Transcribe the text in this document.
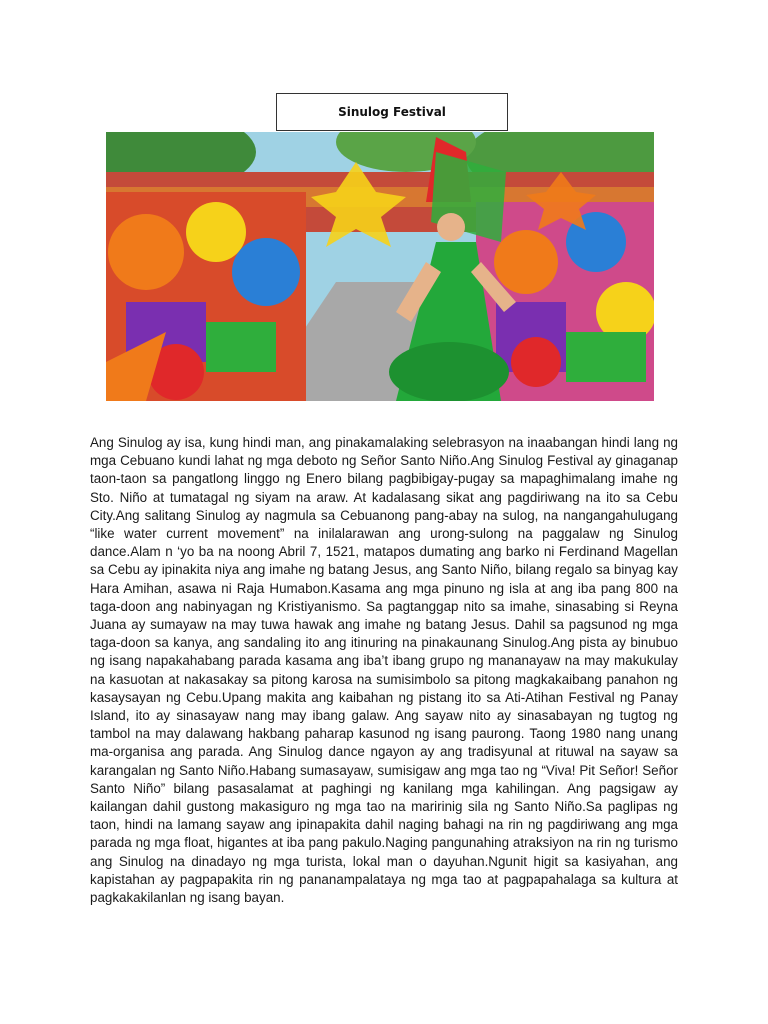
Sinulog Festival

Ang Sinulog ay isa, kung hindi man, ang pinakamalaking selebrasyon na inaabangan hindi lang ng mga Cebuano kundi lahat ng mga deboto ng Señor Santo Niño.Ang Sinulog Festival ay ginaganap taon-taon sa pangatlong linggo ng Enero bilang pagbibigay-pugay sa mapaghimalang imahe ng Sto. Niño at tumatagal ng siyam na araw. At kadalasang sikat ang pagdiriwang na ito sa Cebu City.Ang salitang Sinulog ay nagmula sa Cebuanong pang-abay na sulog, na nangangahulugang “like water current movement” na inilalarawan ang urong-sulong na paggalaw ng Sinulog dance.Alam n ‘yo ba na noong Abril 7, 1521, matapos dumating ang barko ni Ferdinand Magellan sa Cebu ay ipinakita niya ang imahe ng batang Jesus, ang Santo Niño, bilang regalo sa binyag kay Hara Amihan, asawa ni Raja Humabon.Kasama ang mga pinuno ng isla at ang iba pang 800 na taga-doon ang nabinyagan ng Kristiyanismo. Sa pagtanggap nito sa imahe, sinasabing si Reyna Juana ay sumayaw na may tuwa hawak ang imahe ng batang Jesus. Dahil sa pagsunod ng mga taga-doon sa kanya, ang sandaling ito ang itinuring na pinakaunang Sinulog.Ang pista ay binubuo ng isang napakahabang parada kasama ang iba’t ibang grupo ng mananayaw na may makukulay na kasuotan at nakasakay sa pitong karosa na sumisimbolo sa pitong magkakaibang panahon ng kasaysayan ng Cebu.Upang makita ang kaibahan ng pistang ito sa Ati-Atihan Festival ng Panay Island, ito ay sinasayaw nang may ibang galaw. Ang sayaw nito ay sinasabayan ng tugtog ng tambol na may dalawang hakbang paharap kasunod ng isang paurong. Taong 1980 nang unang ma-organisa ang parada. Ang Sinulog dance ngayon ay ang tradisyunal at rituwal na sayaw sa karangalan ng Santo Niño.Habang sumasayaw, sumisigaw ang mga tao ng “Viva! Pit Señor! Señor Santo Niño” bilang pasasalamat at paghingi ng kanilang mga kahilingan. Ang pagsigaw ay kailangan dahil gustong makasiguro ng mga tao na maririnig sila ng Santo Niño.Sa paglipas ng taon, hindi na lamang sayaw ang ipinapakita dahil naging bahagi na rin ng pagdiriwang ang mga parada ng mga float, higantes at iba pang pakulo.Naging pangunahing atraksiyon na rin ng turismo ang Sinulog na dinadayo ng mga turista, lokal man o dayuhan.Ngunit higit sa kasiyahan, ang kapistahan ay pagpapakita rin ng pananampalataya ng mga tao at pagpapahalaga sa kultura at pagkakakilanlan ng isang bayan.
